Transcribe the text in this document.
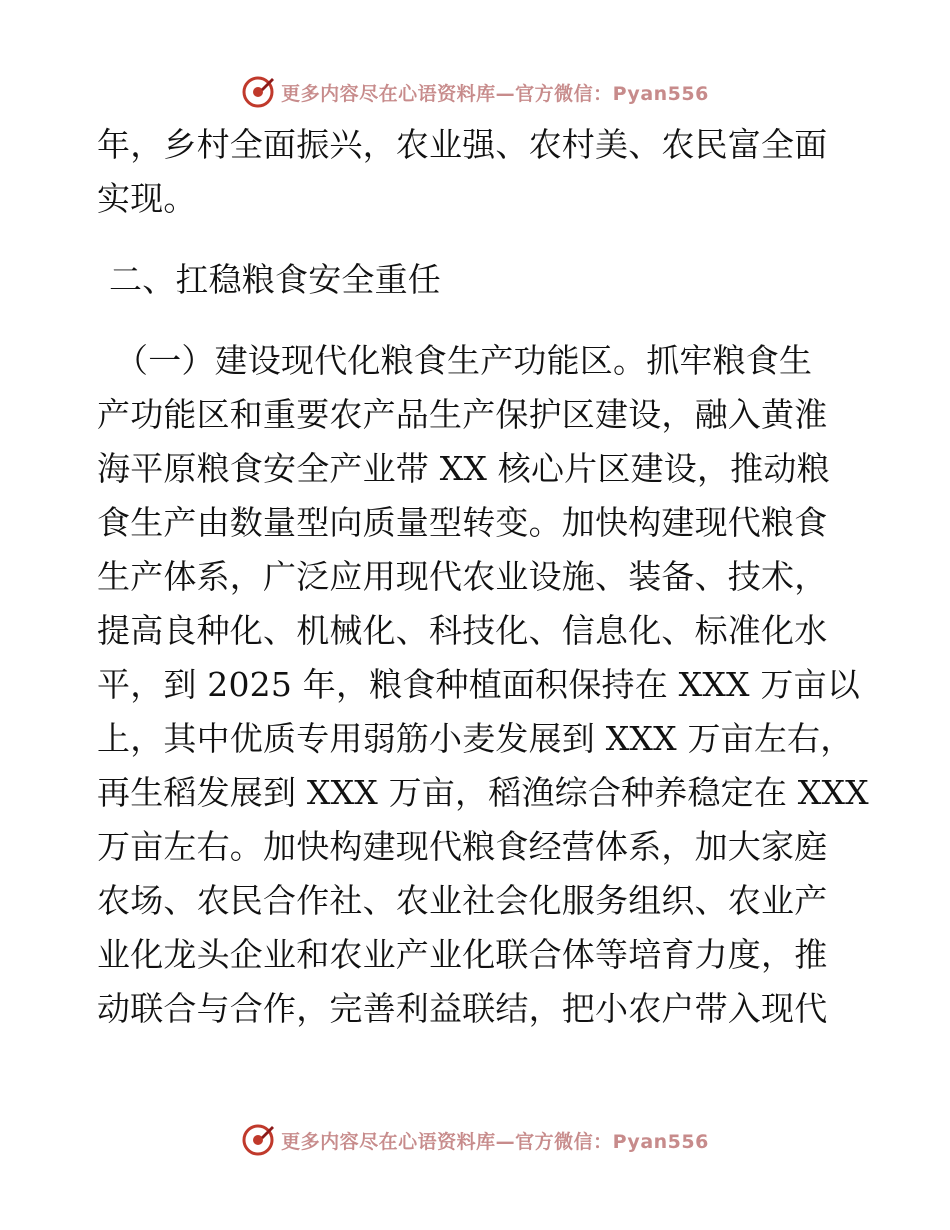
更多内容尽在心语资料库—官方微信：Pyan556
年，乡村全面振兴，农业强、农村美、农民富全面
实现。
二、扛稳粮食安全重任
（一）建设现代化粮食生产功能区。抓牢粮食生
产功能区和重要农产品生产保护区建设，融入黄淮
海平原粮食安全产业带 XX 核心片区建设，推动粮
食生产由数量型向质量型转变。加快构建现代粮食
生产体系，广泛应用现代农业设施、装备、技术，
提高良种化、机械化、科技化、信息化、标准化水
平，到 2025 年，粮食种植面积保持在 XXX 万亩以
上，其中优质专用弱筋小麦发展到 XXX 万亩左右，
再生稻发展到 XXX 万亩，稻渔综合种养稳定在 XXX
万亩左右。加快构建现代粮食经营体系，加大家庭
农场、农民合作社、农业社会化服务组织、农业产
业化龙头企业和农业产业化联合体等培育力度，推
动联合与合作，完善利益联结，把小农户带入现代
更多内容尽在心语资料库—官方微信：Pyan556
